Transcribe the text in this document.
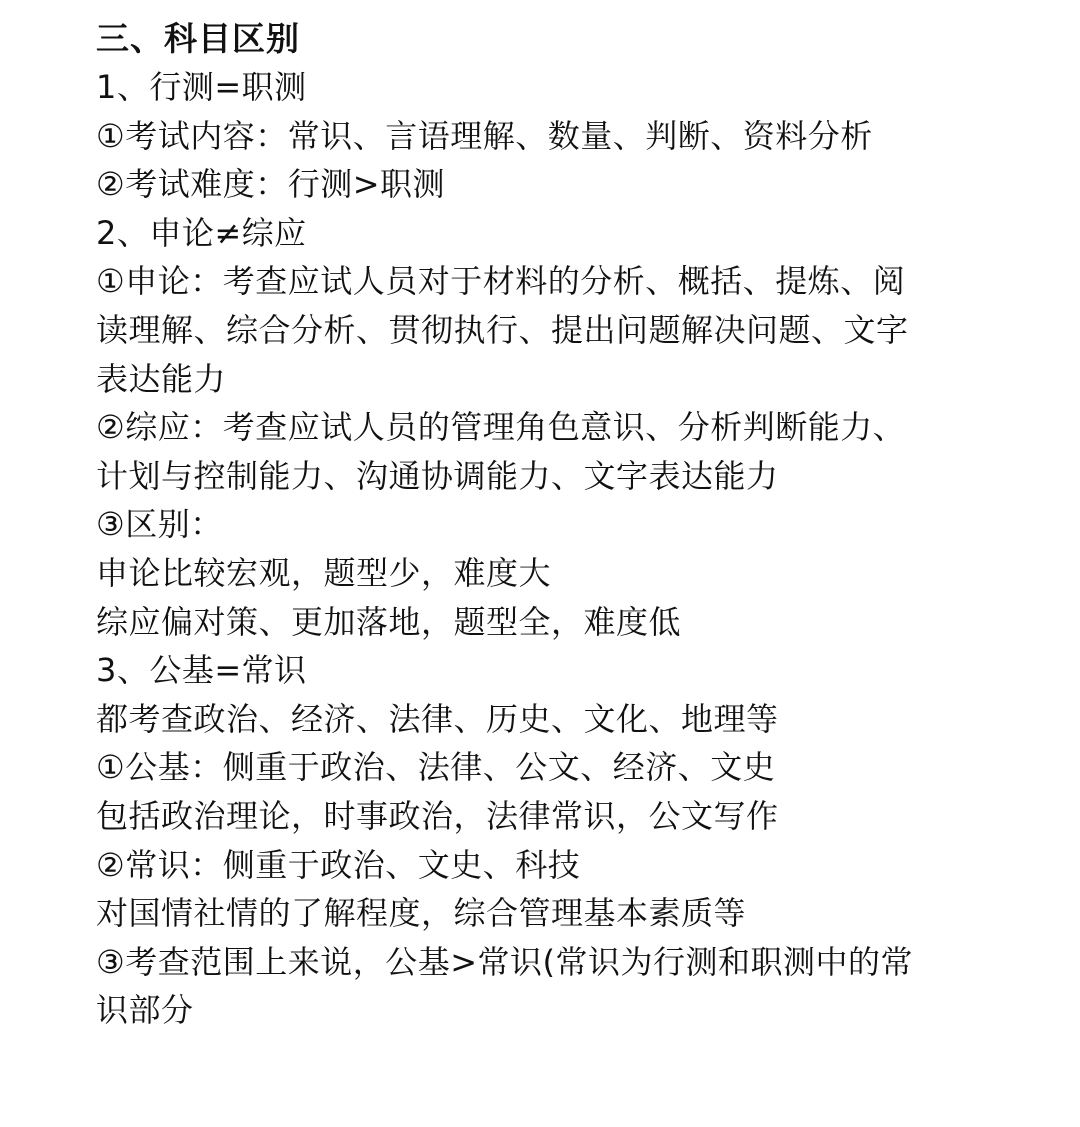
三、科目区别
1、行测=职测
①考试内容：常识、言语理解、数量、判断、资料分析
②考试难度：行测>职测
2、申论≠综应
①申论：考查应试人员对于材料的分析、概括、提炼、阅
读理解、综合分析、贯彻执行、提出问题解决问题、文字
表达能力
②综应：考查应试人员的管理角色意识、分析判断能力、
计划与控制能力、沟通协调能力、文字表达能力
③区别：
申论比较宏观，题型少，难度大
综应偏对策、更加落地，题型全，难度低
3、公基=常识
都考查政治、经济、法律、历史、文化、地理等
①公基：侧重于政治、法律、公文、经济、文史
包括政治理论，时事政治，法律常识，公文写作
②常识：侧重于政治、文史、科技
对国情社情的了解程度，综合管理基本素质等
③考查范围上来说，公基>常识(常识为行测和职测中的常
识部分
